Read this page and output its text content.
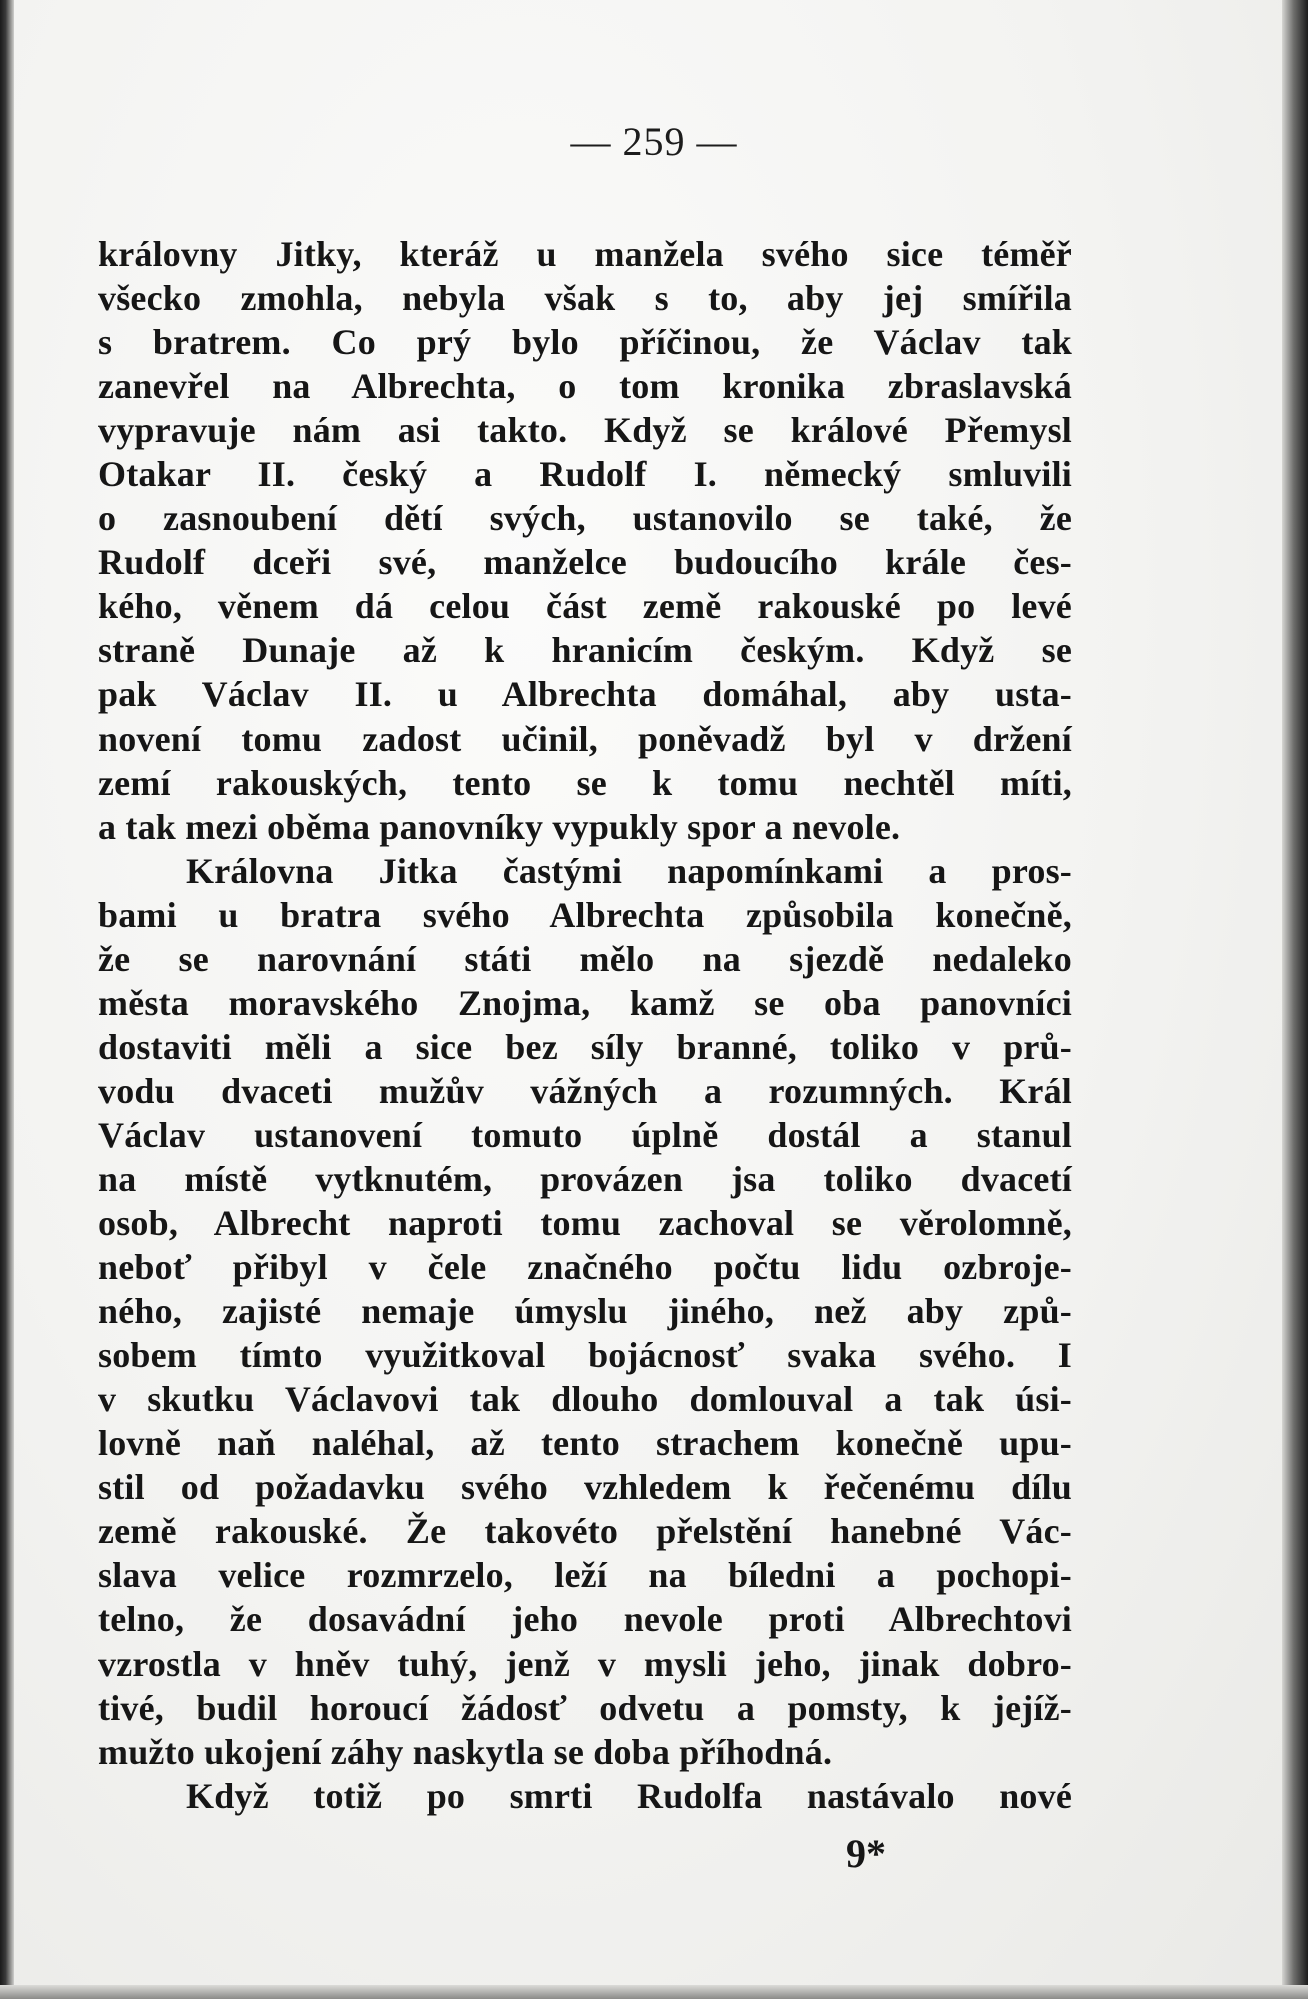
— 259 —
královny Jitky, kteráž u manžela svého sice téměř
všecko zmohla, nebyla však s to, aby jej smířila
s bratrem. Co prý bylo příčinou, že Václav tak
zanevřel na Albrechta, o tom kronika zbraslavská
vypravuje nám asi takto. Když se králové Přemysl
Otakar II. český a Rudolf I. německý smluvili
o zasnoubení dětí svých, ustanovilo se také, že
Rudolf dceři své, manželce budoucího krále čes-
kého, věnem dá celou část země rakouské po levé
straně Dunaje až k hranicím českým. Když se
pak Václav II. u Albrechta domáhal, aby usta-
novení tomu zadost učinil, poněvadž byl v držení
zemí rakouských, tento se k tomu nechtěl míti,
a tak mezi oběma panovníky vypukly spor a nevole.
Královna Jitka častými napomínkami a pros-
bami u bratra svého Albrechta způsobila konečně,
že se narovnání státi mělo na sjezdě nedaleko
města moravského Znojma, kamž se oba panovníci
dostaviti měli a sice bez síly branné, toliko v prů-
vodu dvaceti mužův vážných a rozumných. Král
Václav ustanovení tomuto úplně dostál a stanul
na místě vytknutém, provázen jsa toliko dvacetí
osob, Albrecht naproti tomu zachoval se věrolomně,
neboť přibyl v čele značného počtu lidu ozbroje-
ného, zajisté nemaje úmyslu jiného, než aby způ-
sobem tímto využitkoval bojácnosť svaka svého. I
v skutku Václavovi tak dlouho domlouval a tak úsi-
lovně naň naléhal, až tento strachem konečně upu-
stil od požadavku svého vzhledem k řečenému dílu
země rakouské. Že takovéto přelstění hanebné Vác-
slava velice rozmrzelo, leží na bíledni a pochopi-
telno, že dosavádní jeho nevole proti Albrechtovi
vzrostla v hněv tuhý, jenž v mysli jeho, jinak dobro-
tivé, budil horoucí žádosť odvetu a pomsty, k jejíž-
mužto ukojení záhy naskytla se doba příhodná.
Když totiž po smrti Rudolfa nastávalo nové
9*
